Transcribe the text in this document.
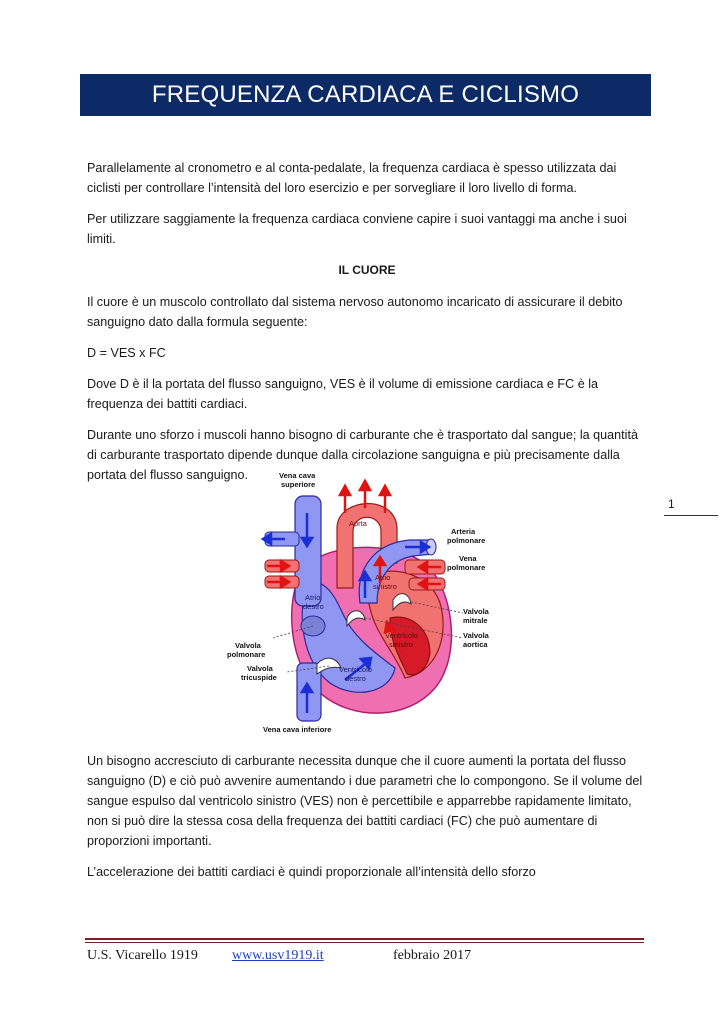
FREQUENZA CARDIACA E CICLISMO

Parallelamente al cronometro e al conta-pedalate, la frequenza cardiaca è spesso utilizzata dai ciclisti per controllare l’intensità del loro esercizio e per sorvegliare il loro livello di forma.

Per utilizzare saggiamente la frequenza cardiaca conviene capire i suoi vantaggi ma anche i suoi limiti.

IL CUORE

Il cuore è un muscolo controllato dal sistema nervoso autonomo incaricato di assicurare il debito sanguigno dato dalla formula seguente:

D = VES x FC

Dove D è il la portata del flusso sanguigno, VES è il volume di emissione cardiaca e FC è la frequenza dei battiti cardiaci.

Durante uno sforzo i muscoli hanno bisogno di carburante che è trasportato dal sangue; la quantità di carburante trasportato dipende dunque dalla circolazione sanguigna e più precisamente dalla portata del flusso sanguigno.

1
Vena cava
superiore
Arteria
polmonare
Vena
polmonare
Valvola
mitrale
Valvola
aortica
Valvola
polmonare
Valvola
tricuspide
Vena cava inferiore
Aorta
Atrio
destro
Atrio
sinistro
Ventricolo
sinistro
Ventricolo
destro

Un bisogno accresciuto di carburante necessita dunque che il cuore aumenti la portata del flusso sanguigno (D) e ciò può avvenire aumentando i due parametri che lo compongono. Se il volume del sangue espulso dal ventricolo sinistro (VES) non è percettibile e apparrebbe rapidamente limitato, non si può dire la stessa cosa della frequenza dei battiti cardiaci (FC) che può aumentare di proporzioni importanti.

L’accelerazione dei battiti cardiaci è quindi proporzionale all’intensità dello sforzo

U.S. Vicarello 1919 www.usv1919.it	febbraio 2017
